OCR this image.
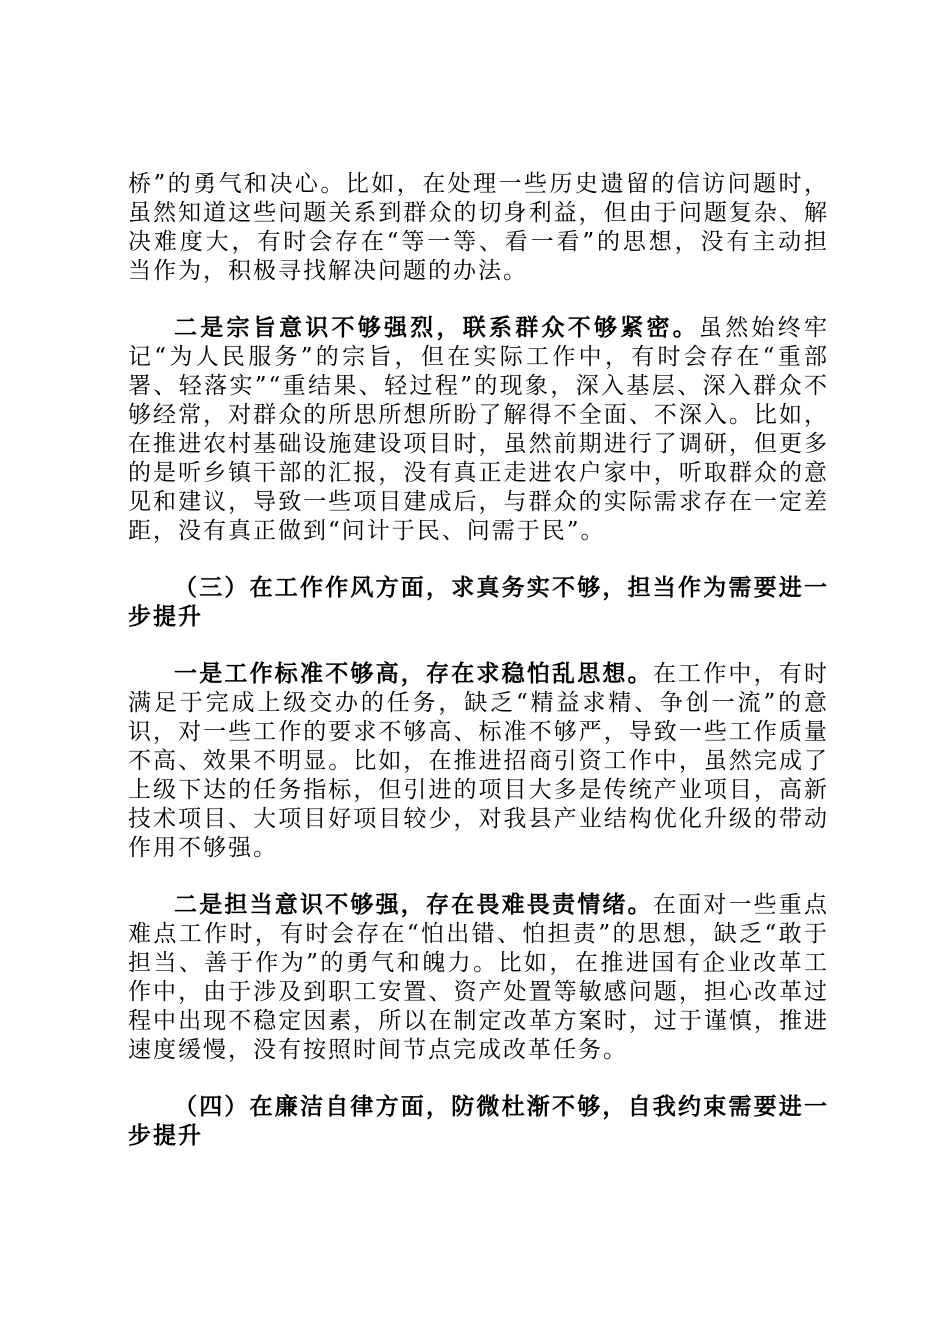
桥”的勇气和决心。比如，在处理一些历史遗留的信访问题时，虽然知道这些问题关系到群众的切身利益，但由于问题复杂、解决难度大，有时会存在“等一等、看一看”的思想，没有主动担当作为，积极寻找解决问题的办法。

二是宗旨意识不够强烈，联系群众不够紧密。虽然始终牢记“为人民服务”的宗旨，但在实际工作中，有时会存在“重部署、轻落实”“重结果、轻过程”的现象，深入基层、深入群众不够经常，对群众的所思所想所盼了解得不全面、不深入。比如，在推进农村基础设施建设项目时，虽然前期进行了调研，但更多的是听乡镇干部的汇报，没有真正走进农户家中，听取群众的意见和建议，导致一些项目建成后，与群众的实际需求存在一定差距，没有真正做到“问计于民、问需于民”。

（三）在工作作风方面，求真务实不够，担当作为需要进一步提升

一是工作标准不够高，存在求稳怕乱思想。在工作中，有时满足于完成上级交办的任务，缺乏“精益求精、争创一流”的意识，对一些工作的要求不够高、标准不够严，导致一些工作质量不高、效果不明显。比如，在推进招商引资工作中，虽然完成了上级下达的任务指标，但引进的项目大多是传统产业项目，高新技术项目、大项目好项目较少，对我县产业结构优化升级的带动作用不够强。

二是担当意识不够强，存在畏难畏责情绪。在面对一些重点难点工作时，有时会存在“怕出错、怕担责”的思想，缺乏“敢于担当、善于作为”的勇气和魄力。比如，在推进国有企业改革工作中，由于涉及到职工安置、资产处置等敏感问题，担心改革过程中出现不稳定因素，所以在制定改革方案时，过于谨慎，推进速度缓慢，没有按照时间节点完成改革任务。

（四）在廉洁自律方面，防微杜渐不够，自我约束需要进一步提升
